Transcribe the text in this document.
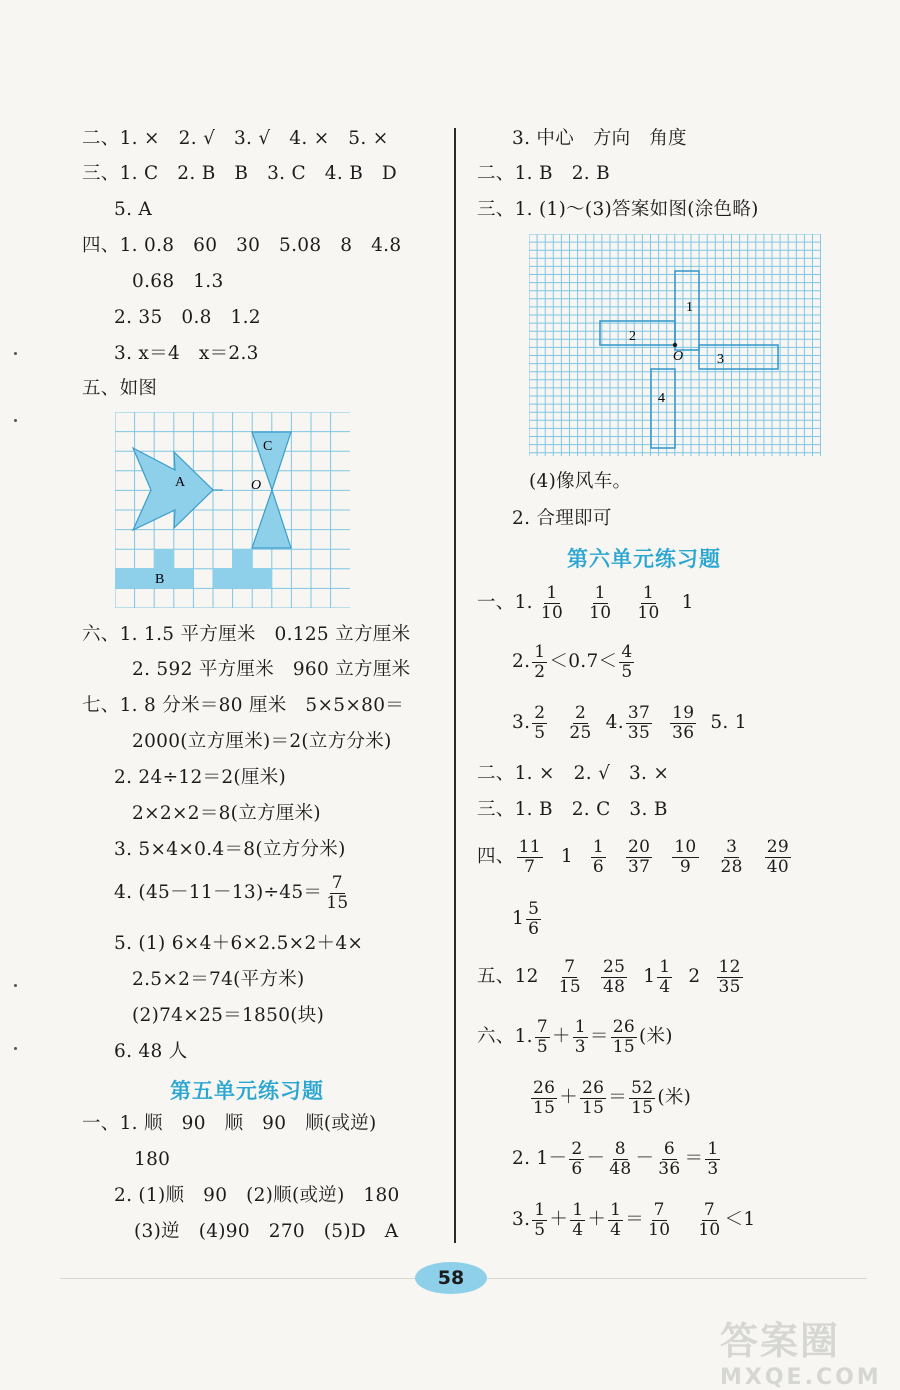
二、1. ×　2. √　3. √　4. ×　5. ×
三、1. C　2. B　B　3. C　4. B　D
5. A
四、1. 0.8　60　30　5.08　8　4.8
0.68　1.3
2. 35　0.8　1.2
3. x＝4　x＝2.3
五、如图
A
B
C
O
六、1. 1.5 平方厘米　0.125 立方厘米
2. 592 平方厘米　960 立方厘米
七、1. 8 分米＝80 厘米　5×5×80＝
2000(立方厘米)＝2(立方分米)
2. 24÷12＝2(厘米)
2×2×2＝8(立方厘米)
3. 5×4×0.4＝8(立方分米)
4. $(45-11-13)\div 45= \frac{7}{15}$
5. (1) 6×4＋6×2.5×2＋4×
2.5×2＝74(平方米)
(2)74×25＝1850(块)
6. 48 人
第五单元练习题
一、1. 顺　90　顺　90　顺(或逆)
180
2. (1)顺　90　(2)顺(或逆)　180
(3)逆　(4)90　270　(5)D　A
3. 中心　方向　角度
二、1. B　2. B
三、1. (1)～(3)答案如图(涂色略)
1
2
3
4
O
(4)像风车。
2. 合理即可
第六单元练习题
一、1. $\frac{1}{10} \frac{1}{10} \frac{1}{10} 1$
2. $\frac{1}{2} <0.7< \frac{4}{5}$
3. $\frac{2}{5} \frac{2}{25} 4$. $\frac{37}{35} \frac{19}{36} 5$. 1
二、1. ×　2. √　3. ×
三、1. B　2. C　3. B
四、 $\frac{11}{7} 1 \frac{1}{6} \frac{20}{37} \frac{10}{9} \frac{3}{28} \frac{29}{40}$
$1 \frac{5}{6}$
五、$12 \frac{7}{15} \frac{25}{48} 1 \frac{1}{4} 2 \frac{12}{35}$
六、1. $\frac{7}{5} + \frac{1}{3} = \frac{26}{15}$ (米)
$\frac{26}{15} + \frac{26}{15} = \frac{52}{15}$ (米)
2. $1- \frac{2}{6} - \frac{8}{48} - \frac{6}{36} = \frac{1}{3}$
3. $\frac{1}{5} + \frac{1}{4} + \frac{1}{4} = \frac{7}{10} \frac{7}{10} <1$
58
答案圈
MXQE.COM
